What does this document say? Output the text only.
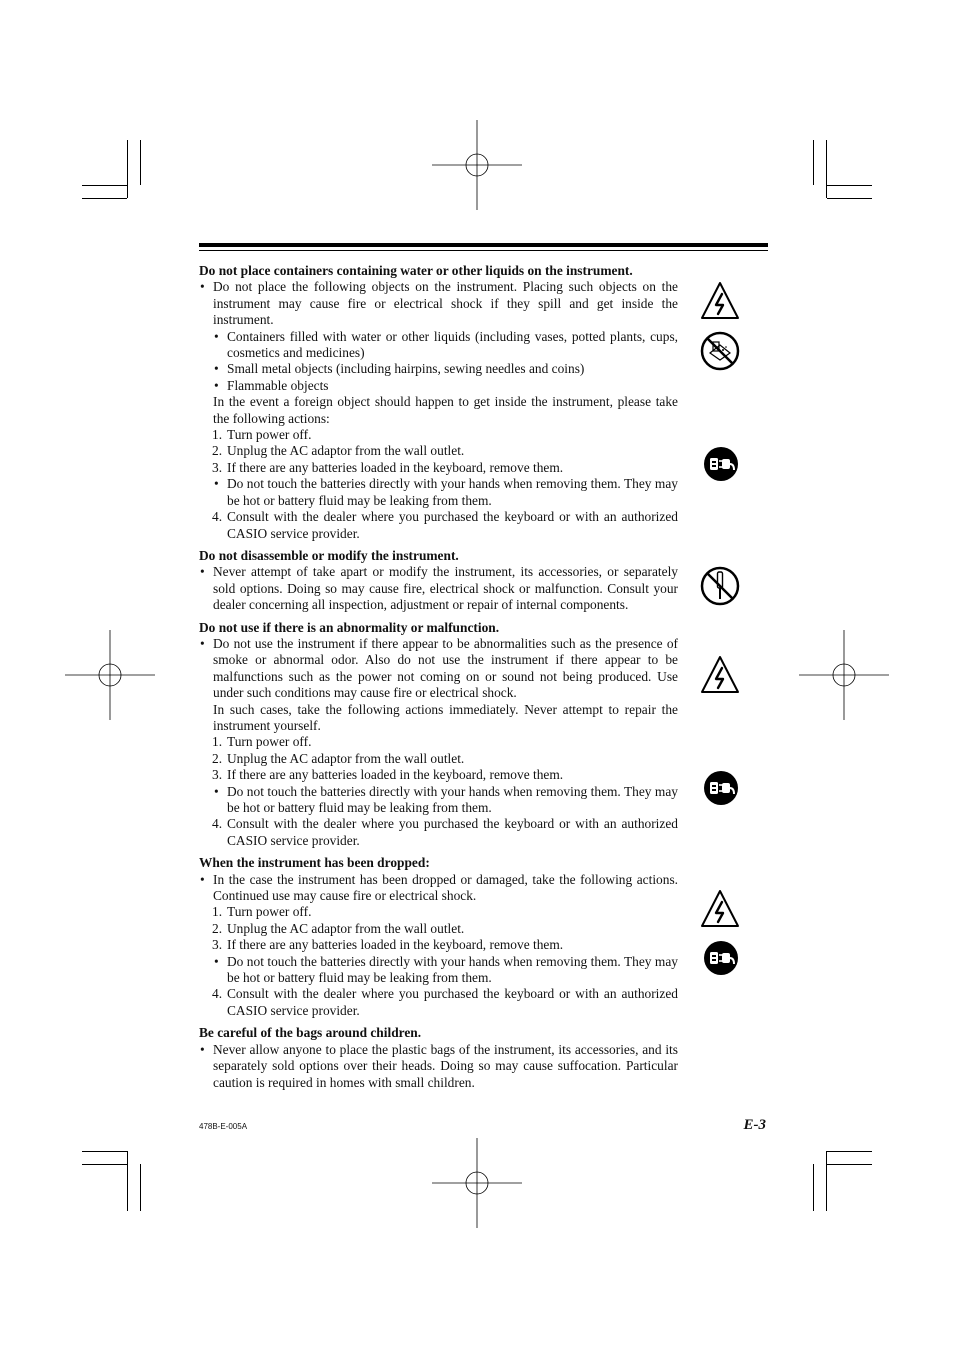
Do not place containers containing water or other liquids on the instrument.
• Do not place the following objects on the instrument. Placing such objects on the instrument may cause fire or electrical shock if they spill and get inside the instrument.
• Containers filled with water or other liquids (including vases, potted plants, cups, cosmetics and medicines)
• Small metal objects (including hairpins, sewing needles and coins)
• Flammable objects
In the event a foreign object should happen to get inside the instrument, please take the following actions:
1. Turn power off.
2. Unplug the AC adaptor from the wall outlet.
3. If there are any batteries loaded in the keyboard, remove them.
• Do not touch the batteries directly with your hands when removing them. They may be hot or battery fluid may be leaking from them.
4. Consult with the dealer where you purchased the keyboard or with an authorized CASIO service provider.
Do not disassemble or modify the instrument.
• Never attempt of take apart or modify the instrument, its accessories, or separately sold options. Doing so may cause fire, electrical shock or malfunction. Consult your dealer concerning all inspection, adjustment or repair of internal components.
Do not use if there is an abnormality or malfunction.
• Do not use the instrument if there appear to be abnormalities such as the presence of smoke or abnormal odor. Also do not use the instrument if there appear to be malfunctions such as the power not coming on or sound not being produced. Use under such conditions may cause fire or electrical shock.
In such cases, take the following actions immediately. Never attempt to repair the instrument yourself.
1. Turn power off.
2. Unplug the AC adaptor from the wall outlet.
3. If there are any batteries loaded in the keyboard, remove them.
• Do not touch the batteries directly with your hands when removing them. They may be hot or battery fluid may be leaking from them.
4. Consult with the dealer where you purchased the keyboard or with an authorized CASIO service provider.
When the instrument has been dropped:
• In the case the instrument has been dropped or damaged, take the following actions. Continued use may cause fire or electrical shock.
1. Turn power off.
2. Unplug the AC adaptor from the wall outlet.
3. If there are any batteries loaded in the keyboard, remove them.
• Do not touch the batteries directly with your hands when removing them. They may be hot or battery fluid may be leaking from them.
4. Consult with the dealer where you purchased the keyboard or with an authorized CASIO service provider.
Be careful of the bags around children.
• Never allow anyone to place the plastic bags of the instrument, its accessories, and its separately sold options over their heads. Doing so may cause suffocation. Particular caution is required in homes with small children.
478B-E-005A	E-3
